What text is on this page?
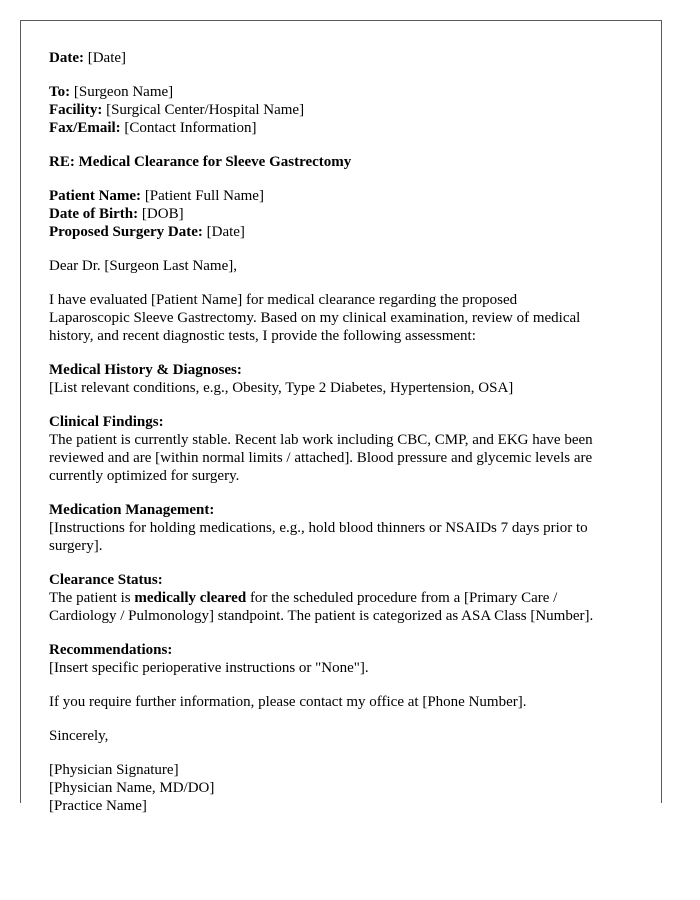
Date: [Date]
To: [Surgeon Name]
Facility: [Surgical Center/Hospital Name]
Fax/Email: [Contact Information]
RE: Medical Clearance for Sleeve Gastrectomy
Patient Name: [Patient Full Name]
Date of Birth: [DOB]
Proposed Surgery Date: [Date]
Dear Dr. [Surgeon Last Name],
I have evaluated [Patient Name] for medical clearance regarding the proposed
Laparoscopic Sleeve Gastrectomy. Based on my clinical examination, review of medical
history, and recent diagnostic tests, I provide the following assessment:
Medical History & Diagnoses:
[List relevant conditions, e.g., Obesity, Type 2 Diabetes, Hypertension, OSA]
Clinical Findings:
The patient is currently stable. Recent lab work including CBC, CMP, and EKG have been
reviewed and are [within normal limits / attached]. Blood pressure and glycemic levels are
currently optimized for surgery.
Medication Management:
[Instructions for holding medications, e.g., hold blood thinners or NSAIDs 7 days prior to
surgery].
Clearance Status:
The patient is medically cleared for the scheduled procedure from a [Primary Care /
Cardiology / Pulmonology] standpoint. The patient is categorized as ASA Class [Number].
Recommendations:
[Insert specific perioperative instructions or "None"].
If you require further information, please contact my office at [Phone Number].
Sincerely,
[Physician Signature]
[Physician Name, MD/DO]
[Practice Name]
